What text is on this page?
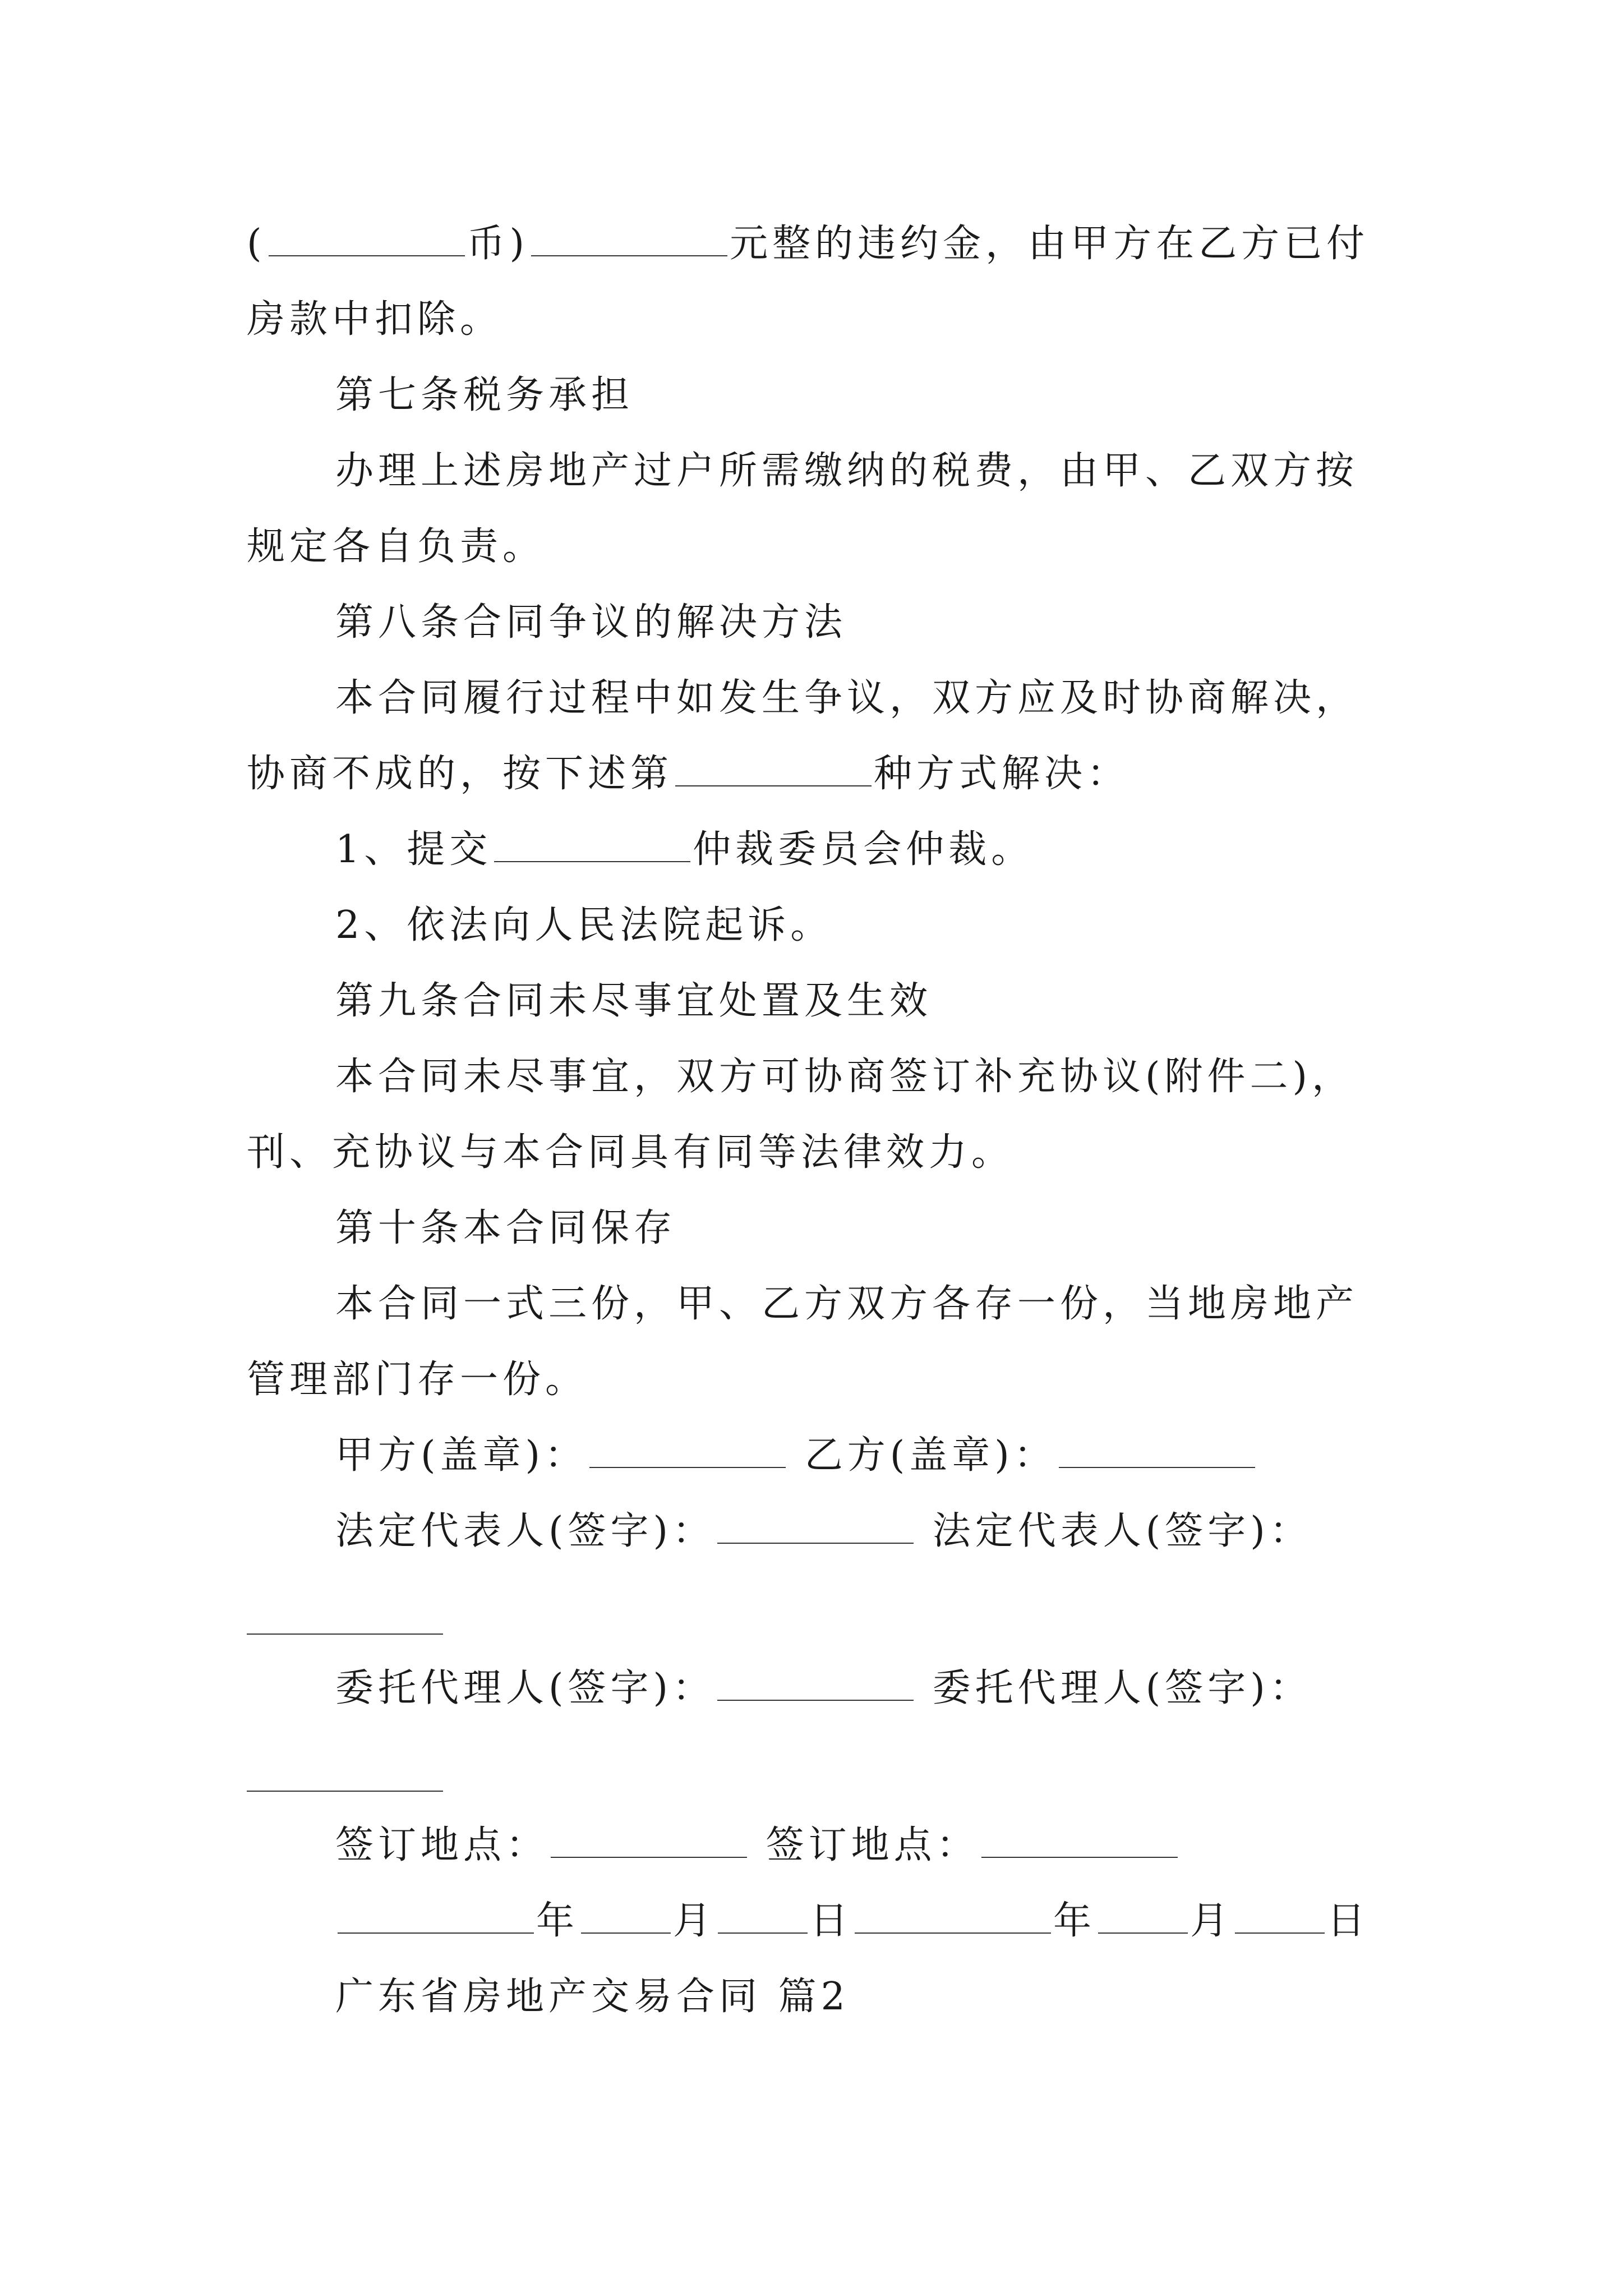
(	币)	元整的违约金，由甲方在乙方已付
房款中扣除。
第七条税务承担
办理上述房地产过户所需缴纳的税费，由甲、乙双方按
规定各自负责。
第八条合同争议的解决方法
本合同履行过程中如发生争议，双方应及时协商解决，
协商不成的，按下述第	种方式解决：
1、提交	仲裁委员会仲裁。
2、依法向人民法院起诉。
第九条合同未尽事宜处置及生效
本合同未尽事宜，双方可协商签订补充协议(附件二)，
刊、充协议与本合同具有同等法律效力。
第十条本合同保存
本合同一式三份，甲、乙方双方各存一份，当地房地产
管理部门存一份。
甲方(盖章)：	乙方(盖章)：
法定代表人(签字)：	法定代表人(签字)：
委托代理人(签字)：	委托代理人(签字)：
签订地点：	签订地点：
年 月 日	年 月 日
广东省房地产交易合同 篇2
